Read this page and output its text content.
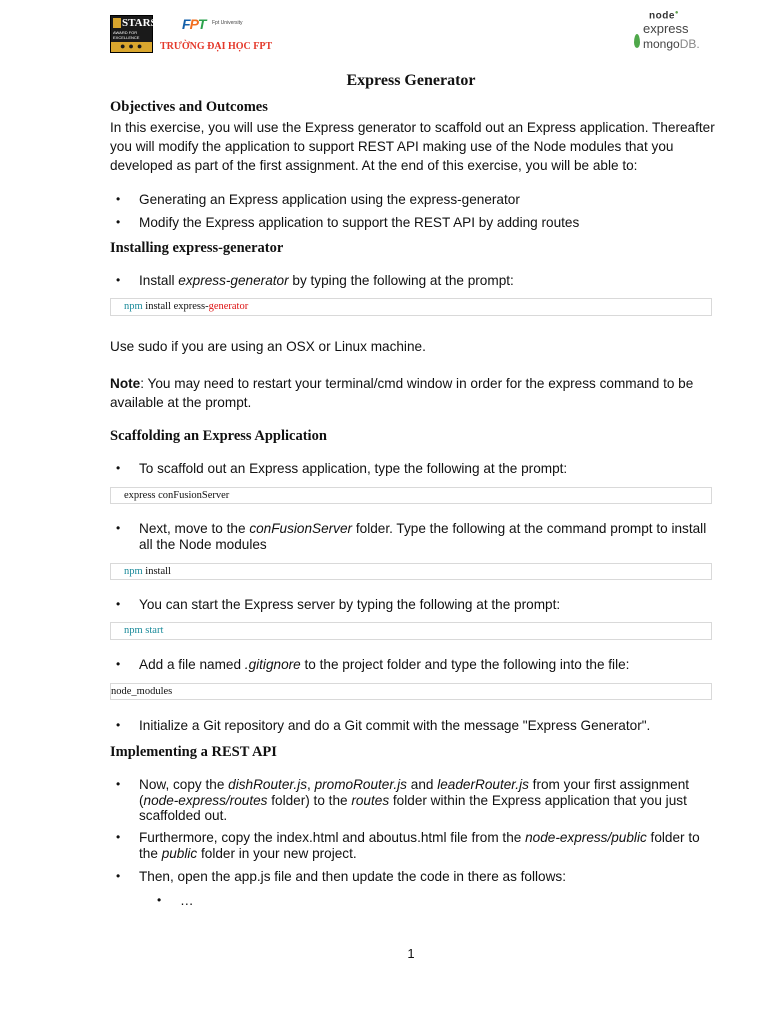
STARS
AWARD FOR EXCELLENCE
●●●
FPT Fpt University
TRƯỜNG ĐẠI HỌC FPT
node●
express
mongoDB.
Express Generator
Objectives and Outcomes
In this exercise, you will use the Express generator to scaffold out an Express application. Thereafter
you will modify the application to support REST API making use of the Node modules that you
developed as part of the first assignment. At the end of this exercise, you will be able to:
• Generating an Express application using the express-generator
• Modify the Express application to support the REST API by adding routes
Installing express-generator
• Install express-generator by typing the following at the prompt:
npm install express-generator
Use sudo if you are using an OSX or Linux machine.
Note: You may need to restart your terminal/cmd window in order for the express command to be
available at the prompt.
Scaffolding an Express Application
• To scaffold out an Express application, type the following at the prompt:
express conFusionServer
• Next, move to the conFusionServer folder. Type the following at the command prompt to install
all the Node modules
npm install
• You can start the Express server by typing the following at the prompt:
npm start
• Add a file named .gitignore to the project folder and type the following into the file:
node_modules
• Initialize a Git repository and do a Git commit with the message "Express Generator".
Implementing a REST API
• Now, copy the dishRouter.js, promoRouter.js and leaderRouter.js from your first assignment
(node-express/routes folder) to the routes folder within the Express application that you just
scaffolded out.
• Furthermore, copy the index.html and aboutus.html file from the node-express/public folder to
the public folder in your new project.
• Then, open the app.js file and then update the code in there as follows:
• …
1
